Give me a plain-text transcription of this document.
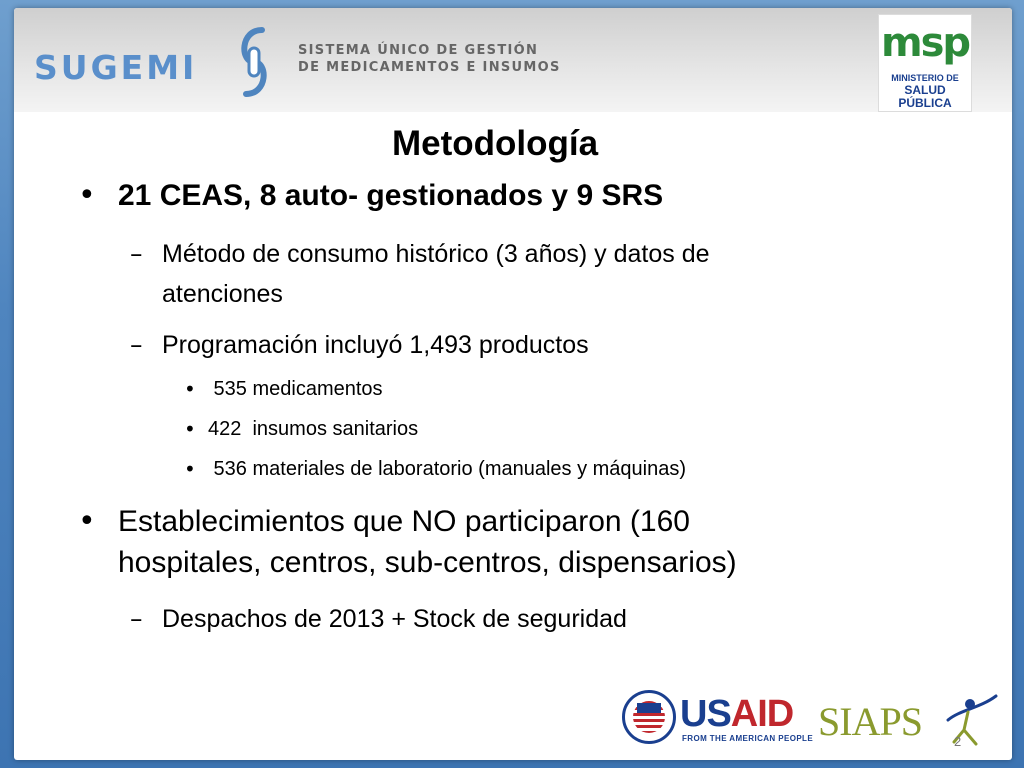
SUGEMI	SISTEMA ÚNICO DE GESTIÓN
DE MEDICAMENTOS E INSUMOS
msp
MINISTERIO DE
SALUD PÚBLICA
Metodología
• 21 CEAS, 8 auto- gestionados y 9 SRS
– Método de consumo histórico (3 años) y datos de
atenciones
– Programación incluyó 1,493 productos
• 535 medicamentos
• 422  insumos sanitarios
• 536 materiales de laboratorio (manuales y máquinas)
• Establecimientos que NO participaron (160
hospitales, centros, sub-centros, dispensarios)
– Despachos de 2013 + Stock de seguridad
USAID
FROM THE AMERICAN PEOPLE SIAPS 2
